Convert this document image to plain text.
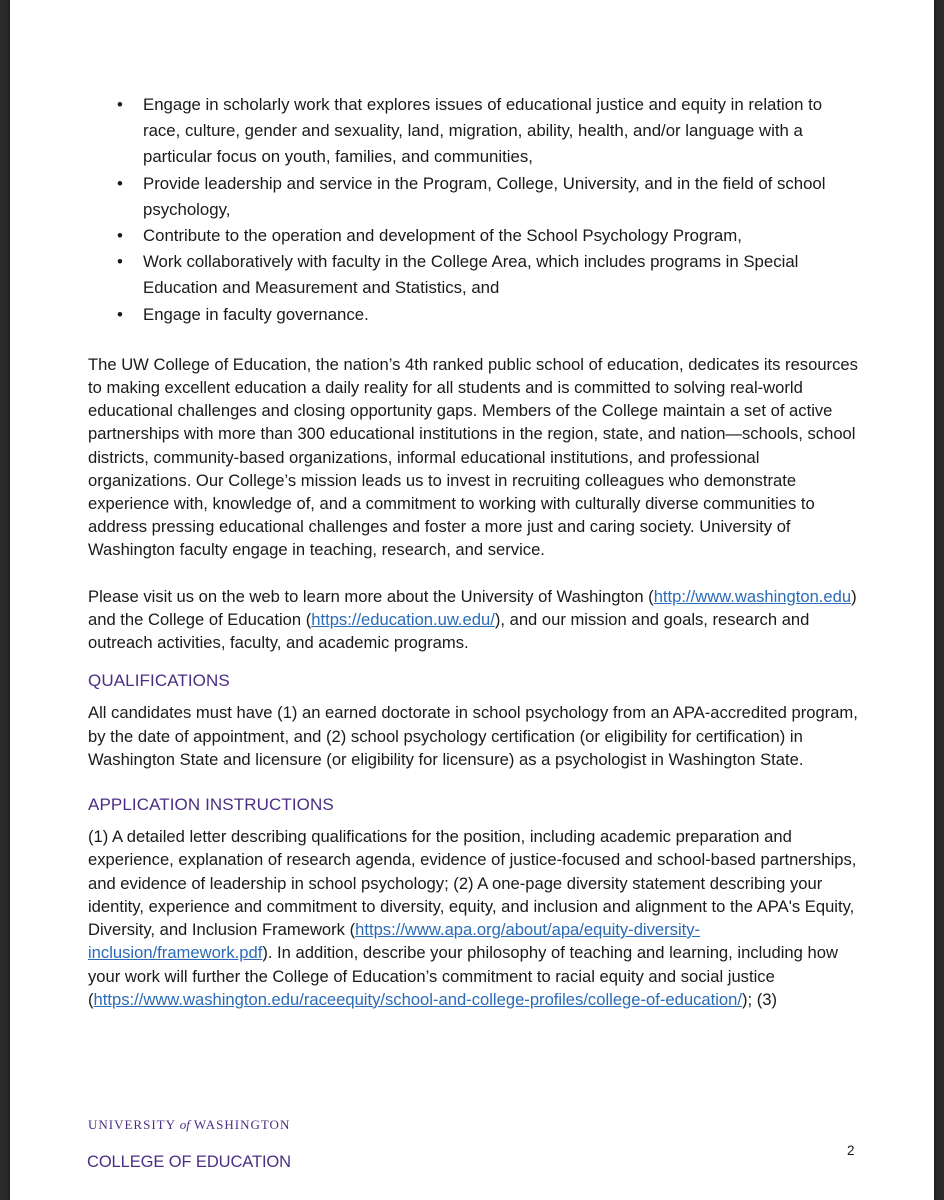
• Engage in scholarly work that explores issues of educational justice and equity in relation to race, culture, gender and sexuality, land, migration, ability, health, and/or language with a particular focus on youth, families, and communities,
• Provide leadership and service in the Program, College, University, and in the field of school psychology,
• Contribute to the operation and development of the School Psychology Program,
• Work collaboratively with faculty in the College Area, which includes programs in Special Education and Measurement and Statistics, and
• Engage in faculty governance.

The UW College of Education, the nation’s 4th ranked public school of education, dedicates its resources to making excellent education a daily reality for all students and is committed to solving real-world educational challenges and closing opportunity gaps. Members of the College maintain a set of active partnerships with more than 300 educational institutions in the region, state, and nation—schools, school districts, community-based organizations, informal educational institutions, and professional organizations. Our College’s mission leads us to invest in recruiting colleagues who demonstrate experience with, knowledge of, and a commitment to working with culturally diverse communities to address pressing educational challenges and foster a more just and caring society. University of Washington faculty engage in teaching, research, and service.

Please visit us on the web to learn more about the University of Washington (http://www.washington.edu) and the College of Education (https://education.uw.edu/), and our mission and goals, research and outreach activities, faculty, and academic programs.

QUALIFICATIONS

All candidates must have (1) an earned doctorate in school psychology from an APA-accredited program, by the date of appointment, and (2) school psychology certification (or eligibility for certification) in Washington State and licensure (or eligibility for licensure) as a psychologist in Washington State.

APPLICATION INSTRUCTIONS

(1) A detailed letter describing qualifications for the position, including academic preparation and experience, explanation of research agenda, evidence of justice-focused and school-based partnerships, and evidence of leadership in school psychology; (2) A one-page diversity statement describing your identity, experience and commitment to diversity, equity, and inclusion and alignment to the APA's Equity, Diversity, and Inclusion Framework (https://www.apa.org/about/apa/equity-diversity-inclusion/framework.pdf). In addition, describe your philosophy of teaching and learning, including how your work will further the College of Education’s commitment to racial equity and social justice (https://www.washington.edu/raceequity/school-and-college-profiles/college-of-education/); (3)

UNIVERSITY of WASHINGTON
COLLEGE OF EDUCATION
2
